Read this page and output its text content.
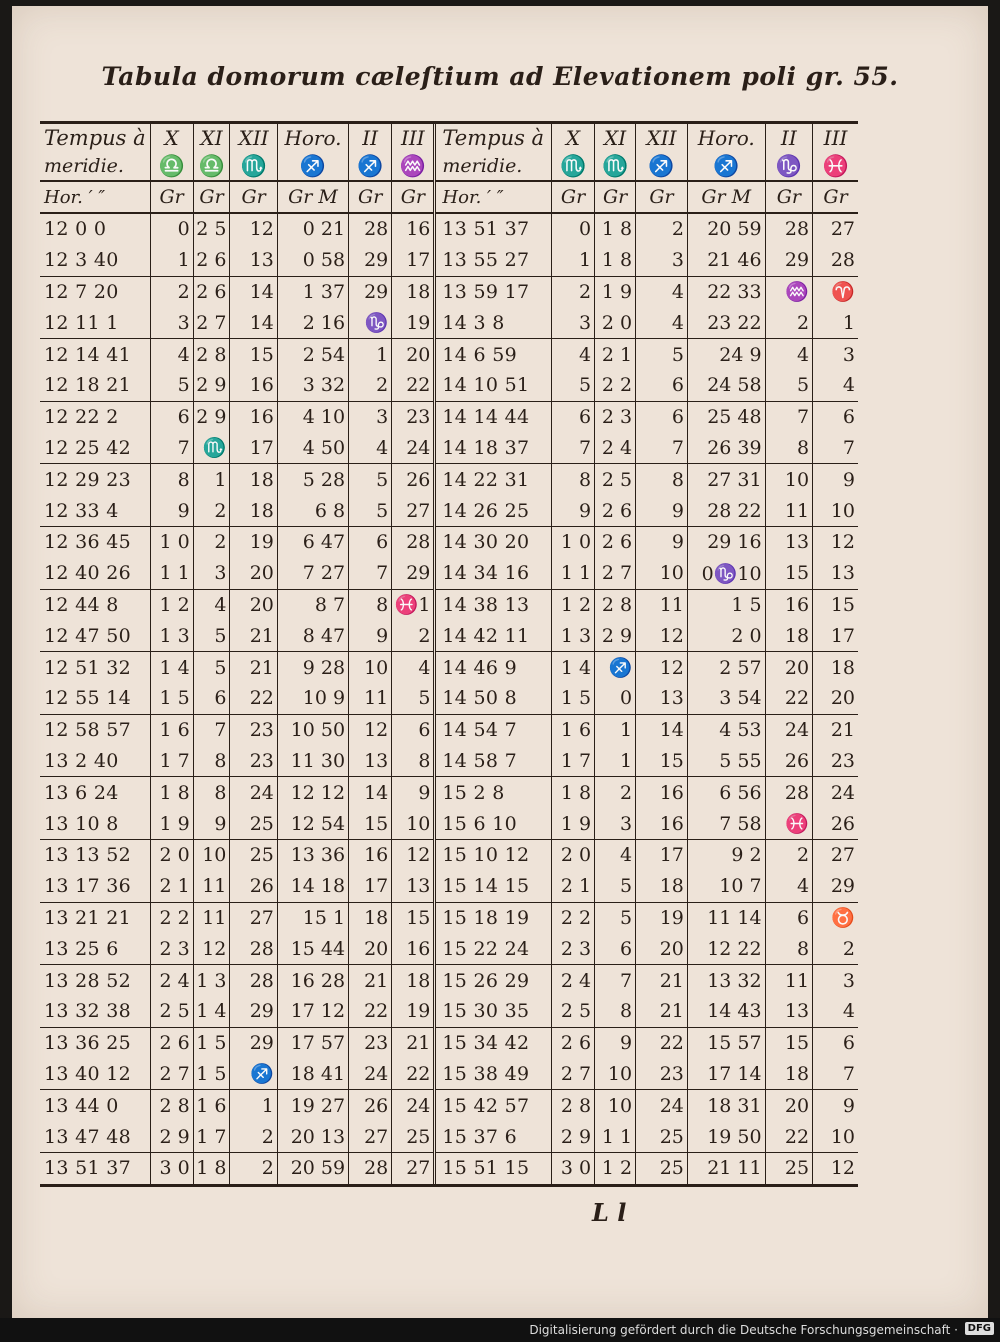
Tabula domorum cæleſtium ad Elevationem poli gr. 55.
Tempus à	X	XI	XII	Horo.	II	III	Tempus à	X	XI	XII	Horo.	II	III
meridie.	♎	♎	♏	♐	♐	♒	meridie.	♏	♏	♐	♐	♑	♓
Hor. ′ ″	Gr	Gr	Gr	Gr M	Gr	Gr	Hor. ′ ″	Gr	Gr	Gr	Gr M	Gr	Gr
12 0 0	0	2 5	12	0 21	28	16	13 51 37	0	1 8	2	20 59	28	27
12 3 40	1	2 6	13	0 58	29	17	13 55 27	1	1 8	3	21 46	29	28
12 7 20	2	2 6	14	1 37	29	18	13 59 17	2	1 9	4	22 33	♒	♈
12 11 1	3	2 7	14	2 16	♑	19	14 3 8	3	2 0	4	23 22	2	1
12 14 41	4	2 8	15	2 54	1	20	14 6 59	4	2 1	5	24 9	4	3
12 18 21	5	2 9	16	3 32	2	22	14 10 51	5	2 2	6	24 58	5	4
12 22 2	6	2 9	16	4 10	3	23	14 14 44	6	2 3	6	25 48	7	6
12 25 42	7	♏	17	4 50	4	24	14 18 37	7	2 4	7	26 39	8	7
12 29 23	8	1	18	5 28	5	26	14 22 31	8	2 5	8	27 31	10	9
12 33 4	9	2	18	6 8	5	27	14 26 25	9	2 6	9	28 22	11	10
12 36 45	1 0	2	19	6 47	6	28	14 30 20	1 0	2 6	9	29 16	13	12
12 40 26	1 1	3	20	7 27	7	29	14 34 16	1 1	2 7	10	0♑10	15	13
12 44 8	1 2	4	20	8 7	8	♓1	14 38 13	1 2	2 8	11	1 5	16	15
12 47 50	1 3	5	21	8 47	9	2	14 42 11	1 3	2 9	12	2 0	18	17
12 51 32	1 4	5	21	9 28	10	4	14 46 9	1 4	♐	12	2 57	20	18
12 55 14	1 5	6	22	10 9	11	5	14 50 8	1 5	0	13	3 54	22	20
12 58 57	1 6	7	23	10 50	12	6	14 54 7	1 6	1	14	4 53	24	21
13 2 40	1 7	8	23	11 30	13	8	14 58 7	1 7	1	15	5 55	26	23
13 6 24	1 8	8	24	12 12	14	9	15 2 8	1 8	2	16	6 56	28	24
13 10 8	1 9	9	25	12 54	15	10	15 6 10	1 9	3	16	7 58	♓	26
13 13 52	2 0	10	25	13 36	16	12	15 10 12	2 0	4	17	9 2	2	27
13 17 36	2 1	11	26	14 18	17	13	15 14 15	2 1	5	18	10 7	4	29
13 21 21	2 2	11	27	15 1	18	15	15 18 19	2 2	5	19	11 14	6	♉
13 25 6	2 3	12	28	15 44	20	16	15 22 24	2 3	6	20	12 22	8	2
13 28 52	2 4	1 3	28	16 28	21	18	15 26 29	2 4	7	21	13 32	11	3
13 32 38	2 5	1 4	29	17 12	22	19	15 30 35	2 5	8	21	14 43	13	4
13 36 25	2 6	1 5	29	17 57	23	21	15 34 42	2 6	9	22	15 57	15	6
13 40 12	2 7	1 5	♐	18 41	24	22	15 38 49	2 7	10	23	17 14	18	7
13 44 0	2 8	1 6	1	19 27	26	24	15 42 57	2 8	10	24	18 31	20	9
13 47 48	2 9	1 7	2	20 13	27	25	15 37 6	2 9	1 1	25	19 50	22	10
13 51 37	3 0	1 8	2	20 59	28	27	15 51 15	3 0	1 2	25	21 11	25	12
L l
Digitalisierung gefördert durch die Deutsche Forschungsgemeinschaft · DFG
